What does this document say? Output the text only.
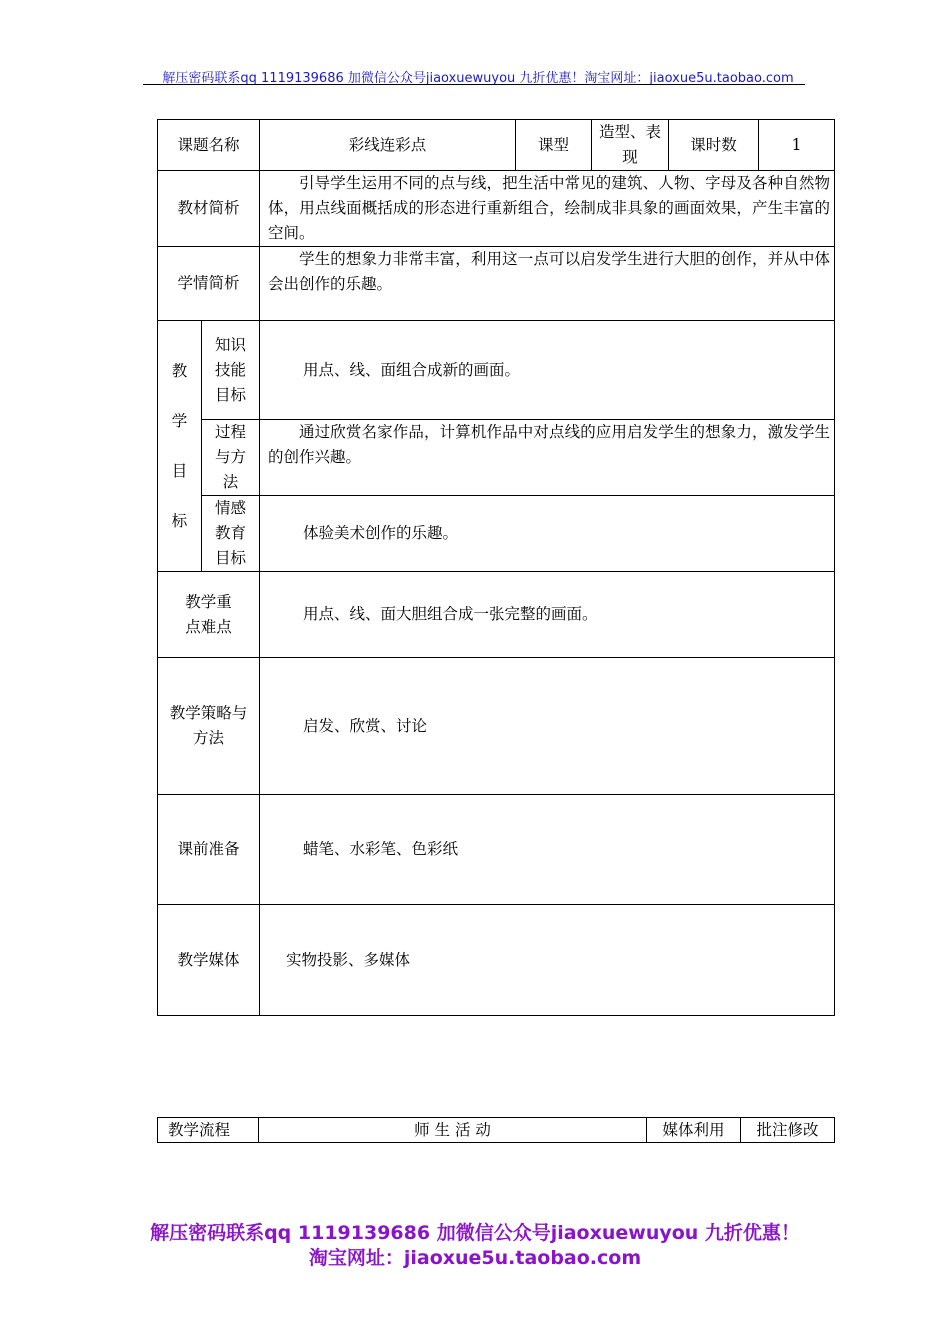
解压密码联系qq 1119139686 加微信公众号jiaoxuewuyou 九折优惠！淘宝网址：jiaoxue5u.taobao.com
课题名称		彩线连彩点	课型	造型、表现	课时数	1
教材简析		引导学生运用不同的点与线，把生活中常见的建筑、人物、字母及各种自然物体，用点线面概括成的形态进行重新组合，绘制成非具象的画面效果，产生丰富的空间。				
学情简析		学生的想象力非常丰富，利用这一点可以启发学生进行大胆的创作，并从中体会出创作的乐趣。				

教
学
目
标	知识技能目标	用点、线、面组合成新的画面。				
	过程与方法	通过欣赏名家作品，计算机作品中对点线的应用启发学生的想象力，激发学生的创作兴趣。				
	情感教育目标	体验美术创作的乐趣。				
教学重点难点		用点、线、面大胆组合成一张完整的画面。				
教学策略与方法		启发、欣赏、讨论				
课前准备		蜡笔、水彩笔、色彩纸				
教学媒体		实物投影、多媒体				
教学流程	师 生 活 动	媒体利用	批注修改
解压密码联系qq 1119139686 加微信公众号jiaoxuewuyou 九折优惠！
淘宝网址：jiaoxue5u.taobao.com
